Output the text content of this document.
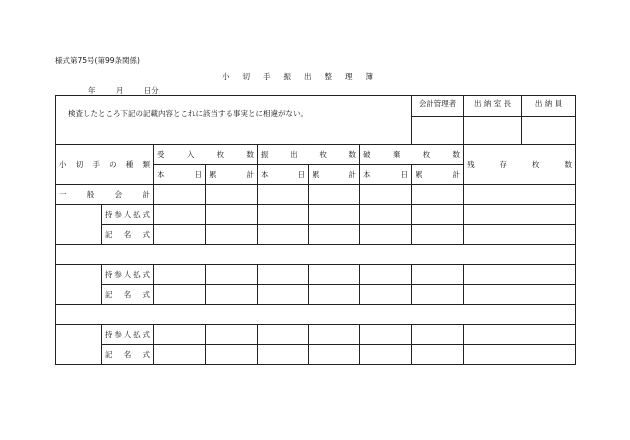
様式第75号(第99条関係)
小切手振出整理簿
年	月	日分
検査したところ下記の記載内容とこれに該当する事実とに相違がない。							会計管理者	出 納 室 長	出 納 員

小 切 手 の 種 類		受 入 枚 数		振 出 枚 数		破 棄 枚 数		残 存 枚 数	
		本 日	累 計	本 日	累 計	本 日	累 計		
一 般 会 計									
	持参人払式								
	記 名 式								

	持参人払式								
	記 名 式								

	持参人払式								
	記 名 式								
